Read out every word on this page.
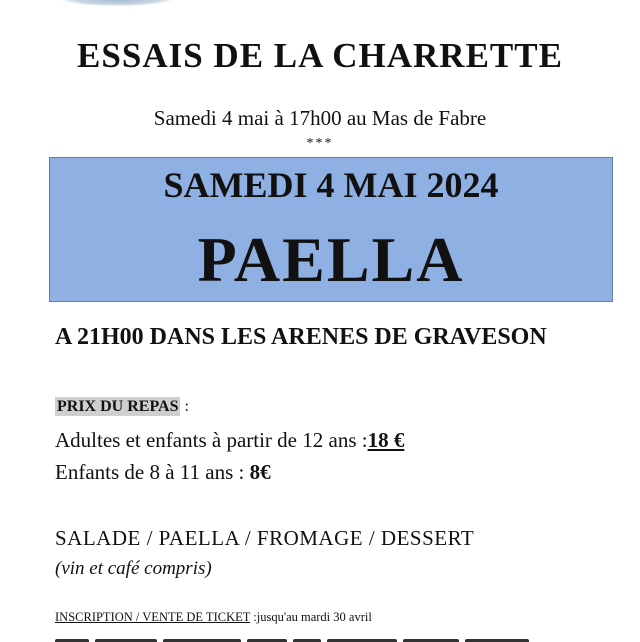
ESSAIS DE LA CHARRETTE
Samedi 4 mai à 17h00 au Mas de Fabre
***
SAMEDI 4 MAI 2024
PAELLA
A 21H00 DANS LES ARENES DE GRAVESON
PRIX DU REPAS :
Adultes et enfants à partir de 12 ans :18 €
Enfants de 8 à 11 ans : 8€
SALADE / PAELLA / FROMAGE / DESSERT
(vin et café compris)
INSCRIPTION / VENTE DE TICKET :jusqu'au mardi 30 avril
